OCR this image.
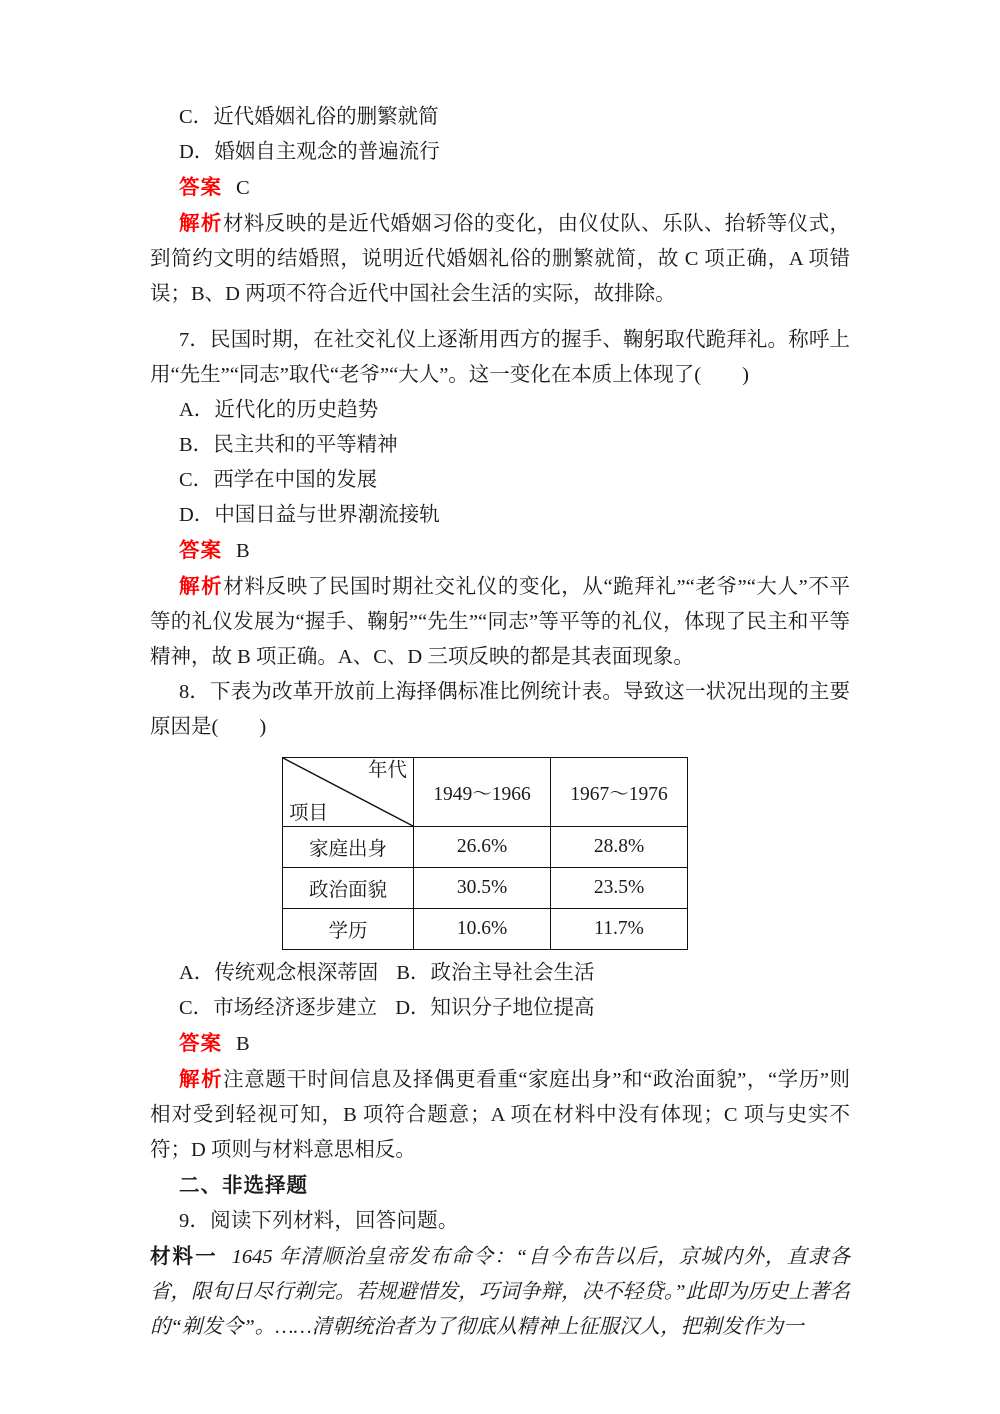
C．近代婚姻礼俗的删繁就简
D．婚姻自主观念的普遍流行
答案 C
解析材料反映的是近代婚姻习俗的变化，由仪仗队、乐队、抬轿等仪式，到简约文明的结婚照，说明近代婚姻礼俗的删繁就简，故 C 项正确，A 项错误；B、D 两项不符合近代中国社会生活的实际，故排除。
7．民国时期，在社交礼仪上逐渐用西方的握手、鞠躬取代跪拜礼。称呼上用“先生”“同志”取代“老爷”“大人”。这一变化在本质上体现了(　　)
A．近代化的历史趋势
B．民主共和的平等精神
C．西学在中国的发展
D．中国日益与世界潮流接轨
答案 B
解析材料反映了民国时期社交礼仪的变化，从“跪拜礼”“老爷”“大人”不平等的礼仪发展为“握手、鞠躬”“先生”“同志”等平等的礼仪，体现了民主和平等精神，故 B 项正确。A、C、D 三项反映的都是其表面现象。
8．下表为改革开放前上海择偶标准比例统计表。导致这一状况出现的主要原因是(　　)
年代
项目	1949～1966	1967～1976
家庭出身	26.6%	28.8%
政治面貌	30.5%	23.5%
学历	10.6%	11.7%
A．传统观念根深蒂固 B．政治主导社会生活
C．市场经济逐步建立 D．知识分子地位提高
答案 B
解析注意题干时间信息及择偶更看重“家庭出身”和“政治面貌”，“学历”则相对受到轻视可知，B 项符合题意；A 项在材料中没有体现；C 项与史实不符；D 项则与材料意思相反。
二、非选择题
9．阅读下列材料，回答问题。
材料一 1645 年清顺治皇帝发布命令：“自今布告以后，京城内外，直隶各省，限旬日尽行剃完。若规避惜发，巧词争辩，决不轻贷。”此即为历史上著名的“剃发令”。……清朝统治者为了彻底从精神上征服汉人，把剃发作为一
